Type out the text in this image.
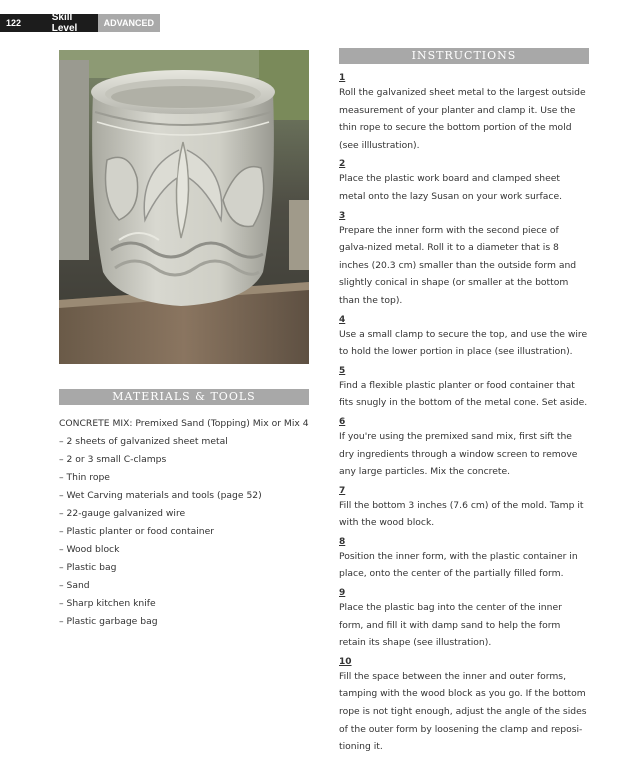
122	Skill Level	ADVANCED
MATERIALS & TOOLS
CONCRETE MIX: Premixed Sand (Topping) Mix or Mix 4
– 2 sheets of galvanized sheet metal
– 2 or 3 small C-clamps
– Thin rope
– Wet Carving materials and tools (page 52)
– 22-gauge galvanized wire
– Plastic planter or food container
– Wood block
– Plastic bag
– Sand
– Sharp kitchen knife
– Plastic garbage bag
INSTRUCTIONS
1
Roll the galvanized sheet metal to the largest outside measurement of your planter and clamp it. Use the thin rope to secure the bottom portion of the mold (see illlustration).
2
Place the plastic work board and clamped sheet metal onto the lazy Susan on your work surface.
3
Prepare the inner form with the second piece of galva-nized metal. Roll it to a diameter that is 8 inches (20.3 cm) smaller than the outside form and slightly conical in shape (or smaller at the bottom than the top).
4
Use a small clamp to secure the top, and use the wire to hold the lower portion in place (see illustration).
5
Find a flexible plastic planter or food container that fits snugly in the bottom of the metal cone. Set aside.
6
If you're using the premixed sand mix, first sift the dry ingredients through a window screen to remove any large particles. Mix the concrete.
7
Fill the bottom 3 inches (7.6 cm) of the mold. Tamp it with the wood block.
8
Position the inner form, with the plastic container in place, onto the center of the partially filled form.
9
Place the plastic bag into the center of the inner form, and fill it with damp sand to help the form retain its shape (see illustration).
10
Fill the space between the inner and outer forms, tamping with the wood block as you go. If the bottom rope is not tight enough, adjust the angle of the sides of the outer form by loosening the clamp and reposi-tioning it.
